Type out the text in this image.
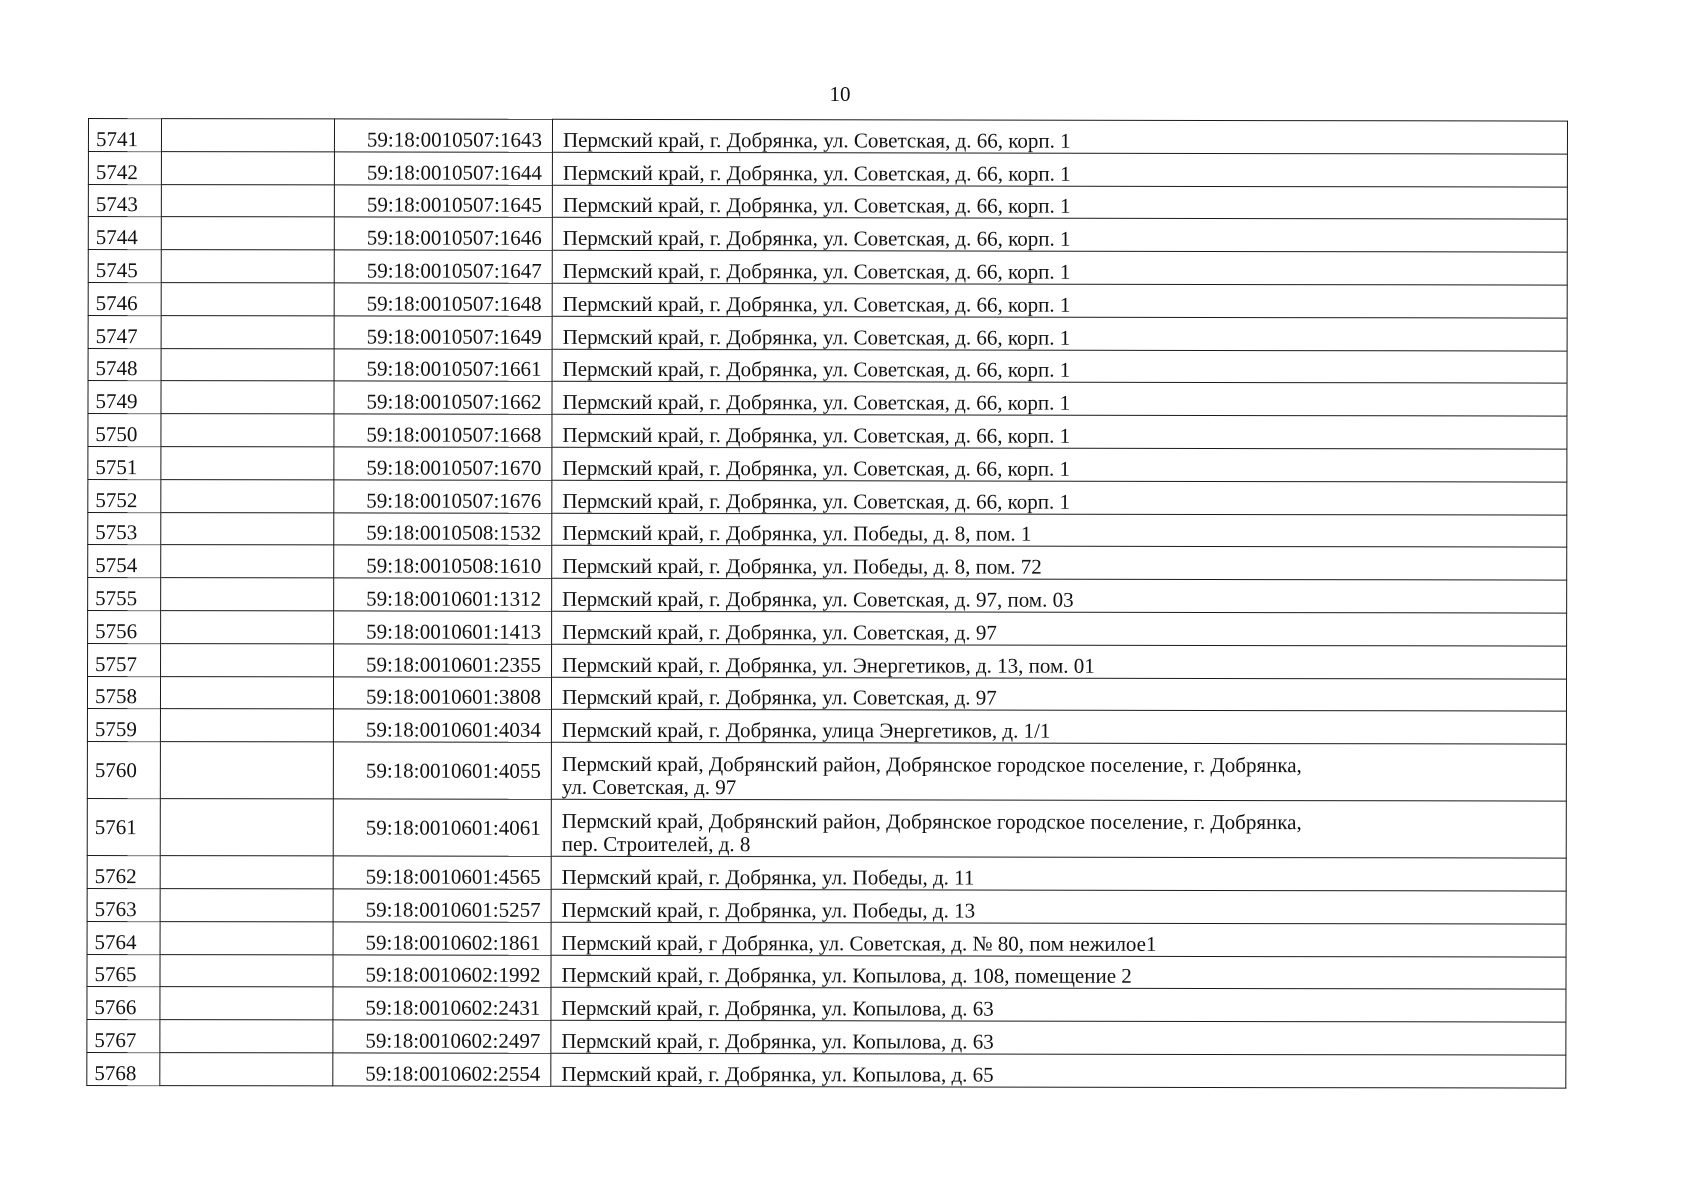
10
5741		59:18:0010507:1643	Пермский край, г. Добрянка, ул. Советская, д. 66, корп. 1

5742		59:18:0010507:1644	Пермский край, г. Добрянка, ул. Советская, д. 66, корп. 1

5743		59:18:0010507:1645	Пермский край, г. Добрянка, ул. Советская, д. 66, корп. 1

5744		59:18:0010507:1646	Пермский край, г. Добрянка, ул. Советская, д. 66, корп. 1

5745		59:18:0010507:1647	Пермский край, г. Добрянка, ул. Советская, д. 66, корп. 1

5746		59:18:0010507:1648	Пермский край, г. Добрянка, ул. Советская, д. 66, корп. 1

5747		59:18:0010507:1649	Пермский край, г. Добрянка, ул. Советская, д. 66, корп. 1

5748		59:18:0010507:1661	Пермский край, г. Добрянка, ул. Советская, д. 66, корп. 1

5749		59:18:0010507:1662	Пермский край, г. Добрянка, ул. Советская, д. 66, корп. 1

5750		59:18:0010507:1668	Пермский край, г. Добрянка, ул. Советская, д. 66, корп. 1

5751		59:18:0010507:1670	Пермский край, г. Добрянка, ул. Советская, д. 66, корп. 1

5752		59:18:0010507:1676	Пермский край, г. Добрянка, ул. Советская, д. 66, корп. 1

5753		59:18:0010508:1532	Пермский край, г. Добрянка, ул. Победы, д. 8, пом. 1

5754		59:18:0010508:1610	Пермский край, г. Добрянка, ул. Победы, д. 8, пом. 72

5755		59:18:0010601:1312	Пермский край, г. Добрянка, ул. Советская, д. 97, пом. 03

5756		59:18:0010601:1413	Пермский край, г. Добрянка, ул. Советская, д. 97

5757		59:18:0010601:2355	Пермский край, г. Добрянка, ул. Энергетиков, д. 13, пом. 01

5758		59:18:0010601:3808	Пермский край, г. Добрянка, ул. Советская, д. 97

5759		59:18:0010601:4034	Пермский край, г. Добрянка, улица Энергетиков, д. 1/1

5760		59:18:0010601:4055	Пермский край, Добрянский район, Добрянское городское поселение, г. Добрянка,
ул. Советская, д. 97

5761		59:18:0010601:4061	Пермский край, Добрянский район, Добрянское городское поселение, г. Добрянка,
пер. Строителей, д. 8

5762		59:18:0010601:4565	Пермский край, г. Добрянка, ул. Победы, д. 11

5763		59:18:0010601:5257	Пермский край, г. Добрянка, ул. Победы, д. 13

5764		59:18:0010602:1861	Пермский край, г Добрянка, ул. Советская, д. № 80, пом нежилое1

5765		59:18:0010602:1992	Пермский край, г. Добрянка, ул. Копылова, д. 108, помещение 2

5766		59:18:0010602:2431	Пермский край, г. Добрянка, ул. Копылова, д. 63

5767		59:18:0010602:2497	Пермский край, г. Добрянка, ул. Копылова, д. 63

5768		59:18:0010602:2554	Пермский край, г. Добрянка, ул. Копылова, д. 65
